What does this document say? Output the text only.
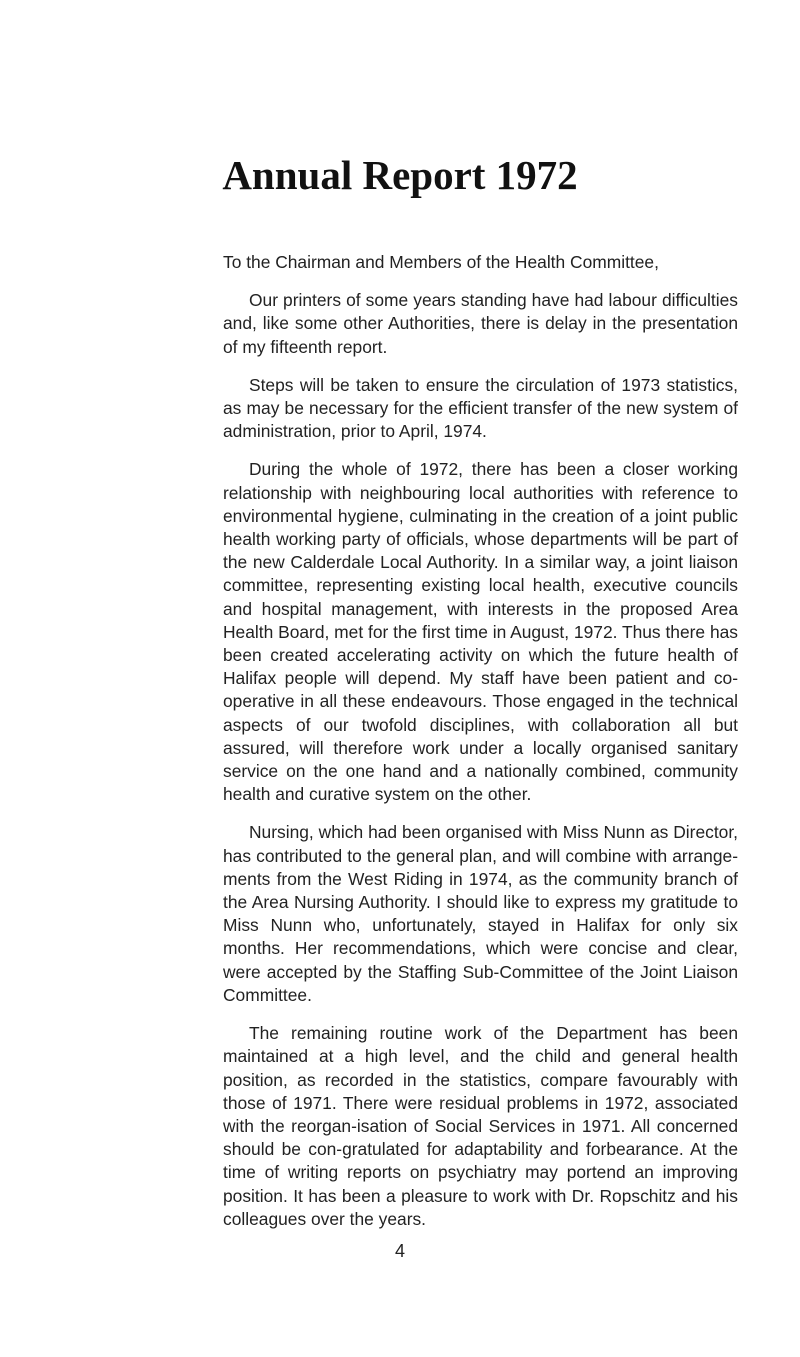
Annual Report 1972

To the Chairman and Members of the Health Committee,

Our printers of some years standing have had labour difficulties and, like some other Authorities, there is delay in the presentation of my fifteenth report.

Steps will be taken to ensure the circulation of 1973 statistics, as may be necessary for the efficient transfer of the new system of administration, prior to April, 1974.

During the whole of 1972, there has been a closer working relationship with neighbouring local authorities with reference to environmental hygiene, culminating in the creation of a joint public health working party of officials, whose departments will be part of the new Calderdale Local Authority. In a similar way, a joint liaison committee, representing existing local health, executive councils and hospital management, with interests in the proposed Area Health Board, met for the first time in August, 1972. Thus there has been created accelerating activity on which the future health of Halifax people will depend. My staff have been patient and co-operative in all these endeavours. Those engaged in the technical aspects of our twofold disciplines, with collaboration all but assured, will therefore work under a locally organised sanitary service on the one hand and a nationally combined, community health and curative system on the other.

Nursing, which had been organised with Miss Nunn as Director, has contributed to the general plan, and will combine with arrange-ments from the West Riding in 1974, as the community branch of the Area Nursing Authority. I should like to express my gratitude to Miss Nunn who, unfortunately, stayed in Halifax for only six months. Her recommendations, which were concise and clear, were accepted by the Staffing Sub-Committee of the Joint Liaison Committee.

The remaining routine work of the Department has been maintained at a high level, and the child and general health position, as recorded in the statistics, compare favourably with those of 1971. There were residual problems in 1972, associated with the reorgan-isation of Social Services in 1971. All concerned should be con-gratulated for adaptability and forbearance. At the time of writing reports on psychiatry may portend an improving position. It has been a pleasure to work with Dr. Ropschitz and his colleagues over the years.

4
